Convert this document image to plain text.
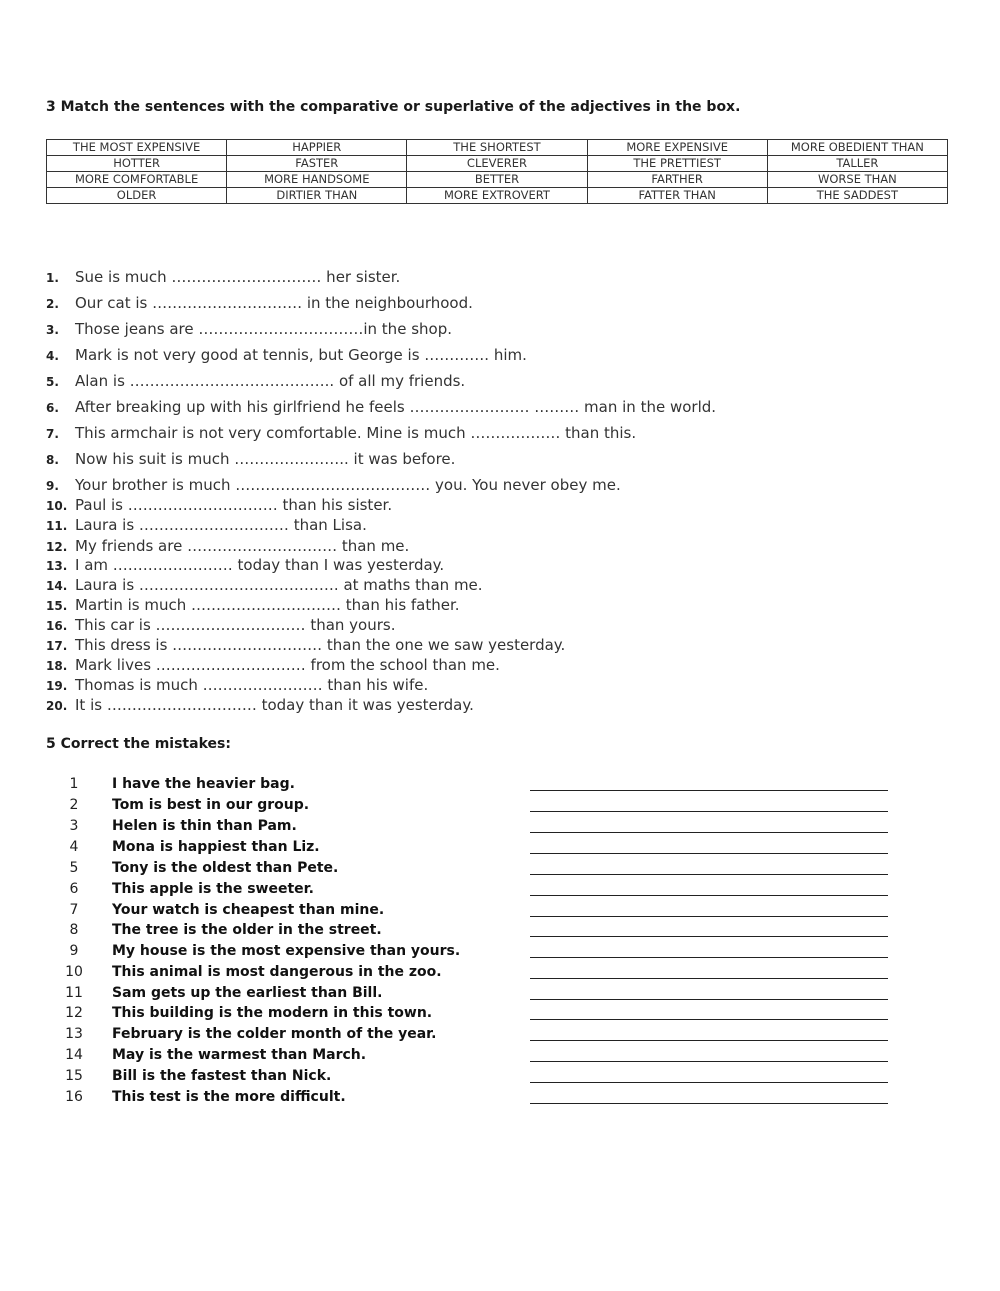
3 Match the sentences with the comparative or superlative of the adjectives in the box.
THE MOST EXPENSIVE	HAPPIER	THE SHORTEST	MORE EXPENSIVE	MORE OBEDIENT THAN
HOTTER	FASTER	CLEVERER	THE PRETTIEST	TALLER
MORE COMFORTABLE	MORE HANDSOME	BETTER	FARTHER	WORSE THAN
OLDER	DIRTIER THAN	MORE EXTROVERT	FATTER THAN	THE SADDEST
1. Sue is much ………………………… her sister.
2. Our cat is ………………………… in the neighbourhood.
3. Those jeans are ……………………………in the shop.
4. Mark is not very good at tennis, but George is …………. him.
5. Alan is ………………………………….. of all my friends.
6. After breaking up with his girlfriend he feels …………………… ……… man in the world.
7. This armchair is not very comfortable. Mine is much ……………… than this.
8. Now his suit is much ………………….. it was before.
9. Your brother is much ………………………………… you. You never obey me.
10. Paul is ………………………… than his sister.
11. Laura is ………………………… than Lisa.
12. My friends are ………………………… than me.
13. I am …………………… today than I was yesterday.
14. Laura is …………………………………. at maths than me.
15. Martin is much ………………………… than his father.
16. This car is ………………………… than yours.
17. This dress is ………………………… than the one we saw yesterday.
18. Mark lives ………………………… from the school than me.
19. Thomas is much …………………… than his wife.
20. It is ………………………… today than it was yesterday.
5 Correct the mistakes:
1	I have the heavier bag.
2	Tom is best in our group.
3	Helen is thin than Pam.
4	Mona is happiest than Liz.
5	Tony is the oldest than Pete.
6	This apple is the sweeter.
7	Your watch is cheapest than mine.
8	The tree is the older in the street.
9	My house is the most expensive than yours.
10 This animal is most dangerous in the zoo.
11 Sam gets up the earliest than Bill.
12 This building is the modern in this town.
13 February is the colder month of the year.
14 May is the warmest than March.
15 Bill is the fastest than Nick.
16 This test is the more difficult.
